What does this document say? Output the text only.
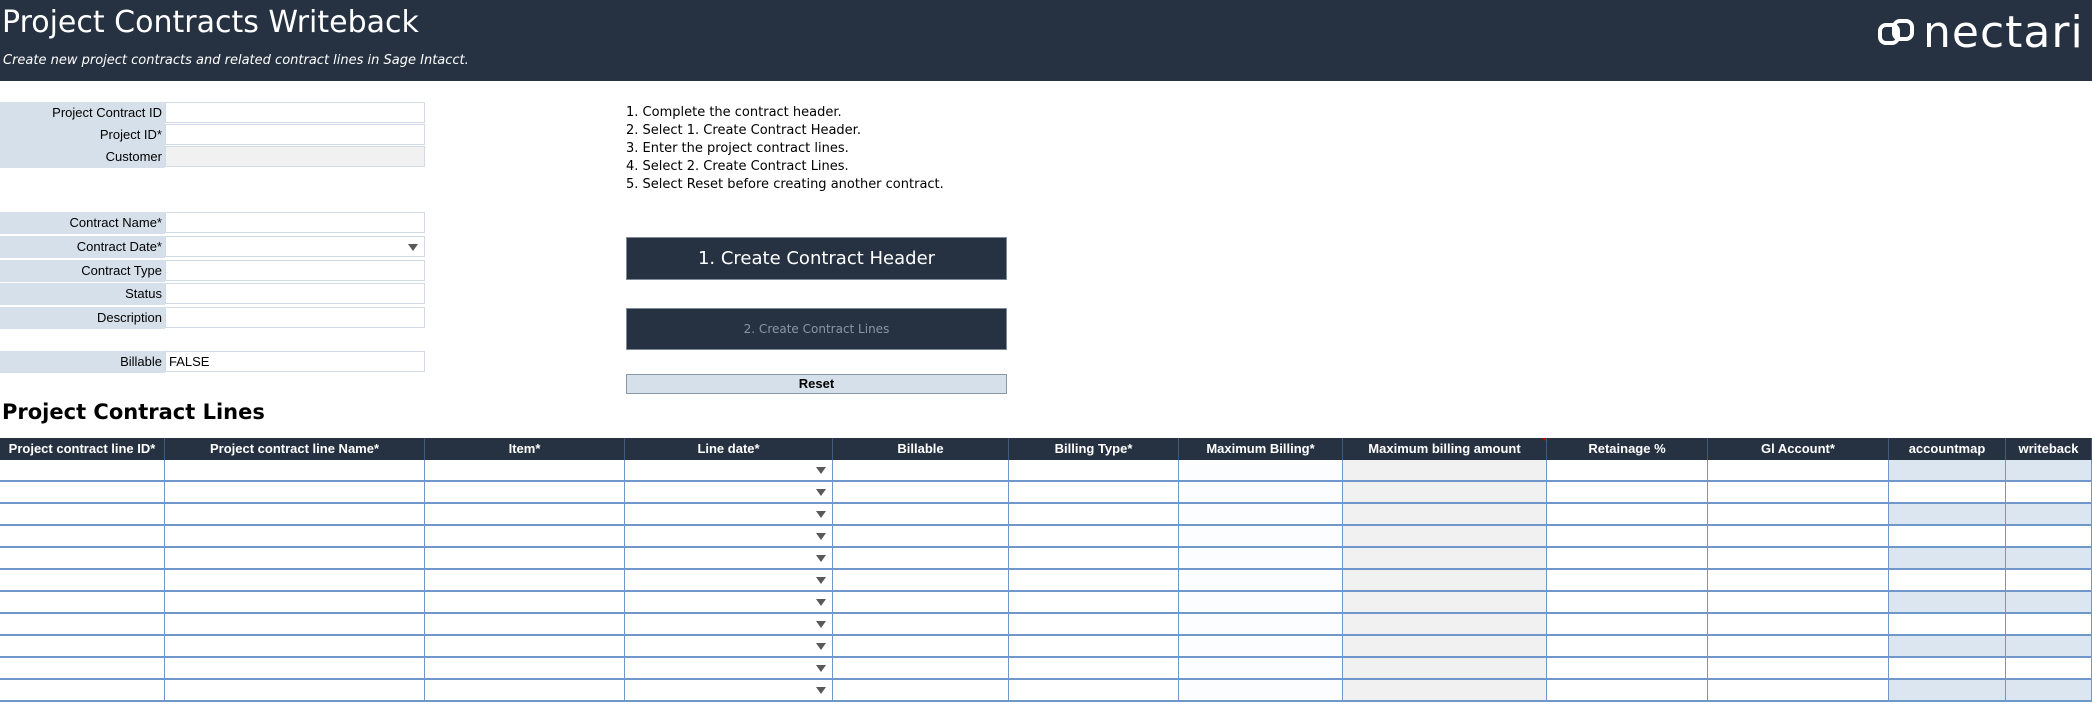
Project Contracts Writeback
Create new project contracts and related contract lines in Sage Intacct.
nectari
Project Contract ID
Project ID*
Customer
Contract Name*
Contract Date*
Contract Type
Status
Description
Billable FALSE
1. Complete the contract header.
2. Select 1. Create Contract Header.
3. Enter the project contract lines.
4. Select 2. Create Contract Lines.
5. Select Reset before creating another contract.
1. Create Contract Header
2. Create Contract Lines
Reset
Project Contract Lines
Project contract line ID*	Project contract line Name*	Item*	Line date*	Billable	Billing Type*	Maximum Billing*	Maximum billing amount	Retainage %	Gl Account*	accountmap	writeback
